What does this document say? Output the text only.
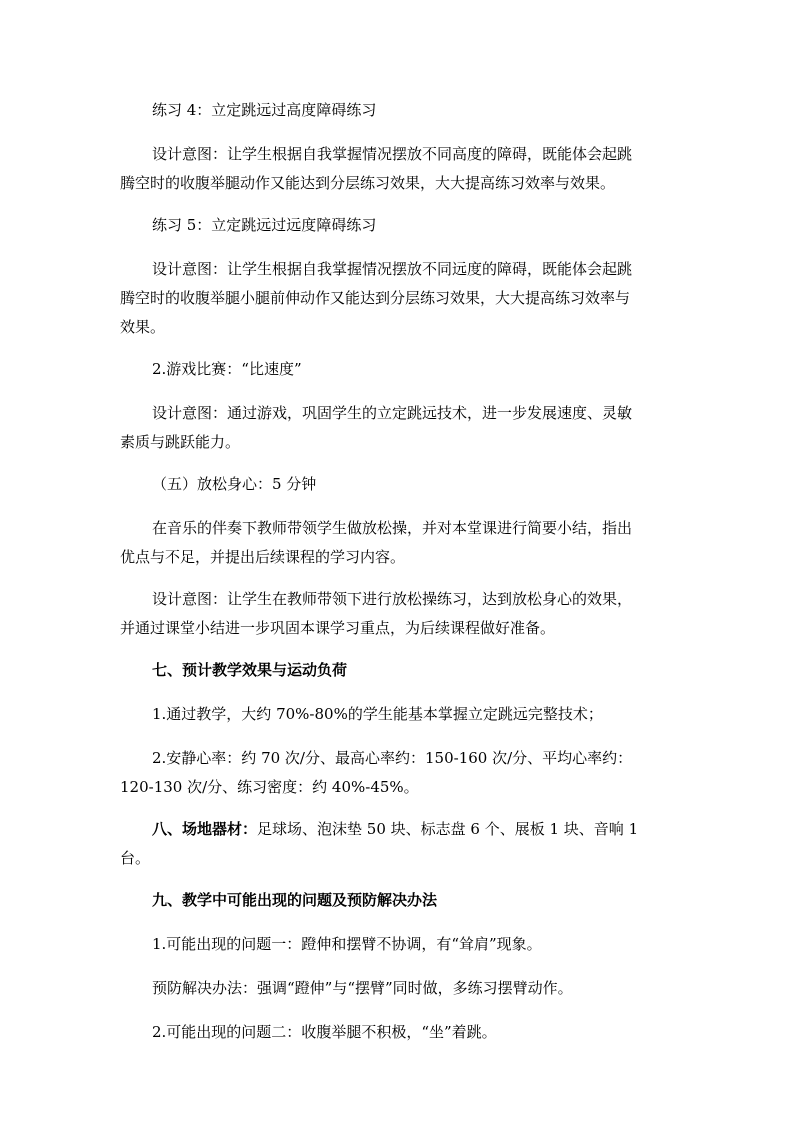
练习 4：立定跳远过高度障碍练习

设计意图：让学生根据自我掌握情况摆放不同高度的障碍，既能体会起跳

腾空时的收腹举腿动作又能达到分层练习效果，大大提高练习效率与效果。

练习 5：立定跳远过远度障碍练习

设计意图：让学生根据自我掌握情况摆放不同远度的障碍，既能体会起跳

腾空时的收腹举腿小腿前伸动作又能达到分层练习效果，大大提高练习效率与

效果。

2.游戏比赛：“比速度”

设计意图：通过游戏，巩固学生的立定跳远技术，进一步发展速度、灵敏

素质与跳跃能力。

（五）放松身心：5 分钟

在音乐的伴奏下教师带领学生做放松操，并对本堂课进行简要小结，指出

优点与不足，并提出后续课程的学习内容。

设计意图：让学生在教师带领下进行放松操练习，达到放松身心的效果，

并通过课堂小结进一步巩固本课学习重点，为后续课程做好准备。

七、预计教学效果与运动负荷

1.通过教学，大约 70%-80%的学生能基本掌握立定跳远完整技术；

2.安静心率：约 70 次/分、最高心率约：150-160 次/分、平均心率约：

120-130 次/分、练习密度：约 40%-45%。

八、场地器材：足球场、泡沫垫 50 块、标志盘 6 个、展板 1 块、音响 1

台。

九、教学中可能出现的问题及预防解决办法

1.可能出现的问题一：蹬伸和摆臂不协调，有“耸肩”现象。

预防解决办法：强调“蹬伸”与“摆臂”同时做，多练习摆臂动作。

2.可能出现的问题二：收腹举腿不积极，“坐”着跳。
